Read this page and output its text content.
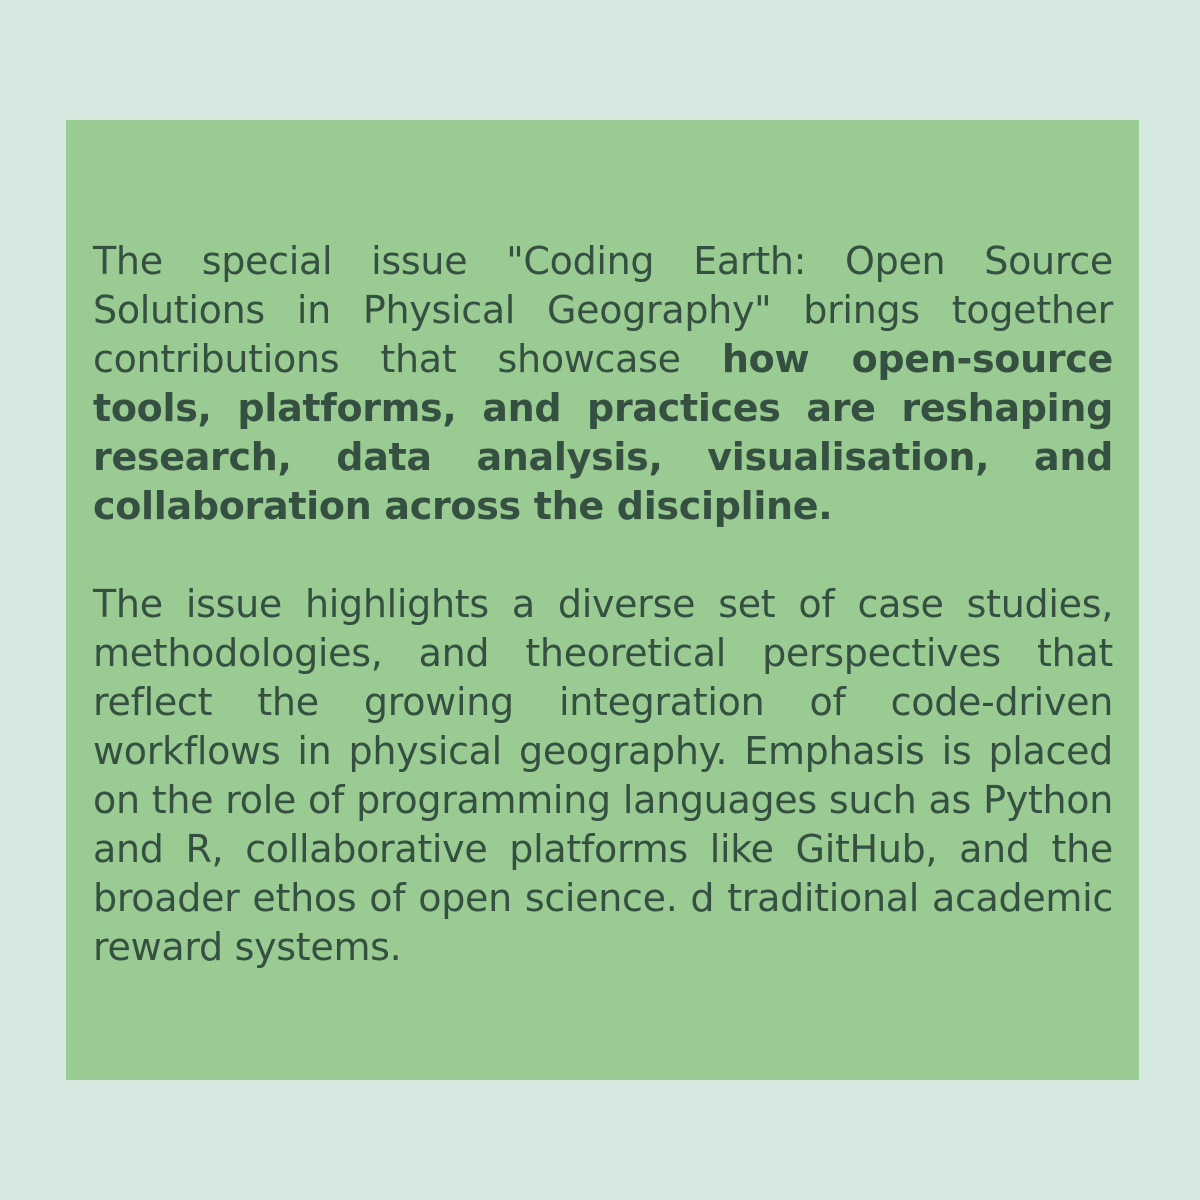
The special issue "Coding Earth: Open Source Solutions in Physical Geography" brings together contributions that showcase how open-source tools, platforms, and practices are reshaping research, data analysis, visualisation, and collaboration across the discipline.

The issue highlights a diverse set of case studies, methodologies, and theoretical perspectives that reflect the growing integration of code-driven workflows in physical geography. Emphasis is placed on the role of programming languages such as Python and R, collaborative platforms like GitHub, and the broader ethos of open science. d traditional academic reward systems.
